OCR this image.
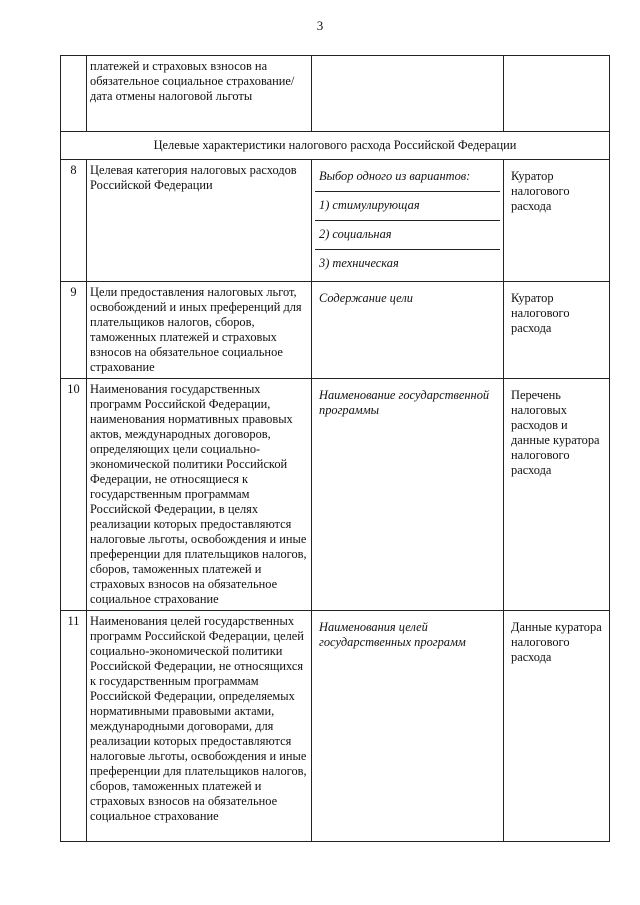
3
	платежей и страховых взносов на обязательное социальное страхование/дата отмены налоговой льготы	

Целевые характеристики налогового расхода Российской Федерации			
8	Целевая категория налоговых расходов Российской Федерации	Выбор одного из вариантов:
1) стимулирующая
2) социальная
3) техническая	Куратор налогового расхода

9	Цели предоставления налоговых льгот, освобождений и иных преференций для плательщиков налогов, сборов, таможенных платежей и страховых взносов на обязательное социальное страхование	Содержание цели	Куратор налогового расхода

10	Наименования государственных программ Российской Федерации, наименования нормативных правовых актов, международных договоров, определяющих цели социально-экономической политики Российской Федерации, не относящиеся к государственным программам Российской Федерации, в целях реализации которых предоставляются налоговые льготы, освобождения и иные преференции для плательщиков налогов, сборов, таможенных платежей и страховых взносов на обязательное социальное страхование	Наименование государственной программы	Перечень налоговых расходов и данные куратора налогового расхода

11	Наименования целей государственных программ Российской Федерации, целей социально-экономической политики Российской Федерации, не относящихся к государственным программам Российской Федерации, определяемых нормативными правовыми актами, международными договорами, для реализации которых предоставляются налоговые льготы, освобождения и иные преференции для плательщиков налогов, сборов, таможенных платежей и страховых взносов на обязательное социальное страхование	Наименования целей государственных программ	Данные куратора налогового расхода
